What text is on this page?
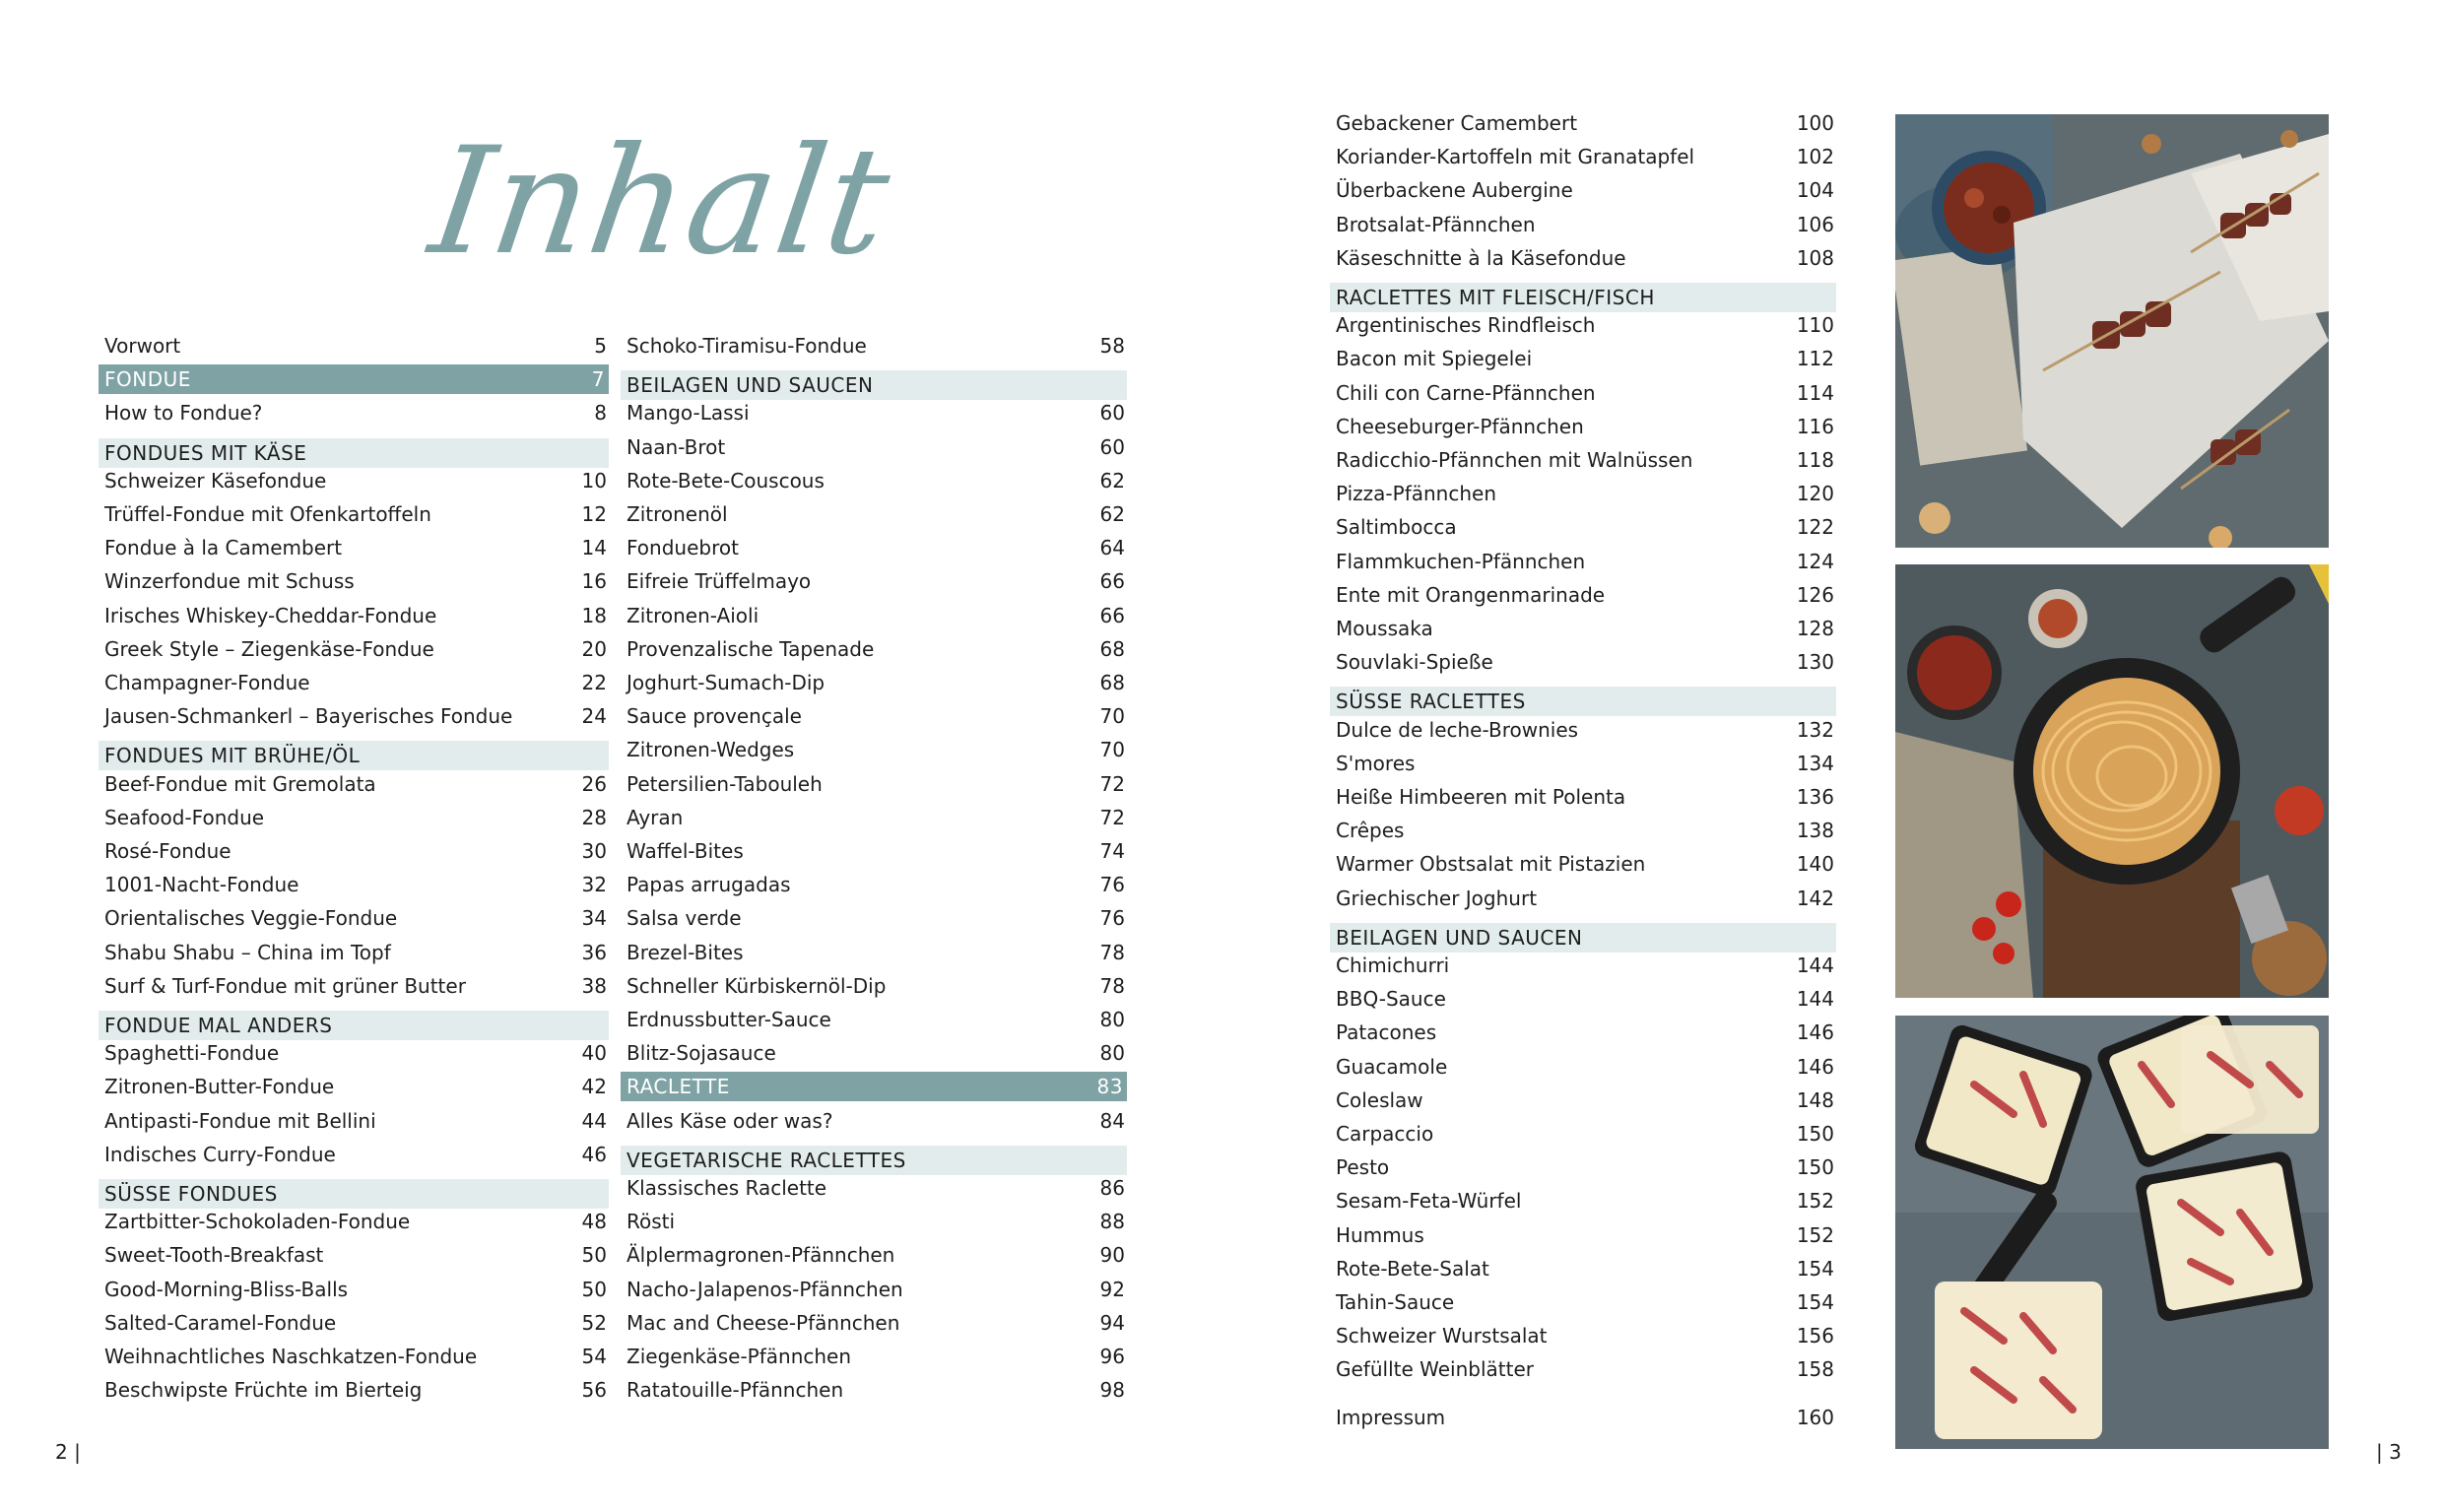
Inhalt
Vorwort	5
FONDUE	7
How to Fondue?	8
FONDUES MIT KÄSE
Schweizer Käsefondue	10
Trüffel-Fondue mit Ofenkartoffeln	12
Fondue à la Camembert	14
Winzerfondue mit Schuss	16
Irisches Whiskey-Cheddar-Fondue	18
Greek Style – Ziegenkäse-Fondue	20
Champagner-Fondue	22
Jausen-Schmankerl – Bayerisches Fondue	24
FONDUES MIT BRÜHE/ÖL
Beef-Fondue mit Gremolata	26
Seafood-Fondue	28
Rosé-Fondue	30
1001-Nacht-Fondue	32
Orientalisches Veggie-Fondue	34
Shabu Shabu – China im Topf	36
Surf & Turf-Fondue mit grüner Butter	38
FONDUE MAL ANDERS
Spaghetti-Fondue	40
Zitronen-Butter-Fondue	42
Antipasti-Fondue mit Bellini	44
Indisches Curry-Fondue	46
SÜSSE FONDUES
Zartbitter-Schokoladen-Fondue	48
Sweet-Tooth-Breakfast	50
Good-Morning-Bliss-Balls	50
Salted-Caramel-Fondue	52
Weihnachtliches Naschkatzen-Fondue	54
Beschwipste Früchte im Bierteig	56
Schoko-Tiramisu-Fondue	58
BEILAGEN UND SAUCEN
Mango-Lassi	60
Naan-Brot	60
Rote-Bete-Couscous	62
Zitronenöl	62
Fonduebrot	64
Eifreie Trüffelmayo	66
Zitronen-Aioli	66
Provenzalische Tapenade	68
Joghurt-Sumach-Dip	68
Sauce provençale	70
Zitronen-Wedges	70
Petersilien-Tabouleh	72
Ayran	72
Waffel-Bites	74
Papas arrugadas	76
Salsa verde	76
Brezel-Bites	78
Schneller Kürbiskernöl-Dip	78
Erdnussbutter-Sauce	80
Blitz-Sojasauce	80
RACLETTE	83
Alles Käse oder was?	84
VEGETARISCHE RACLETTES
Klassisches Raclette	86
Rösti	88
Älplermagronen-Pfännchen	90
Nacho-Jalapenos-Pfännchen	92
Mac and Cheese-Pfännchen	94
Ziegenkäse-Pfännchen	96
Ratatouille-Pfännchen	98
2 |
Gebackener Camembert	100
Koriander-Kartoffeln mit Granatapfel	102
Überbackene Aubergine	104
Brotsalat-Pfännchen	106
Käseschnitte à la Käsefondue	108
RACLETTES MIT FLEISCH/FISCH
Argentinisches Rindfleisch	110
Bacon mit Spiegelei	112
Chili con Carne-Pfännchen	114
Cheeseburger-Pfännchen	116
Radicchio-Pfännchen mit Walnüssen	118
Pizza-Pfännchen	120
Saltimbocca	122
Flammkuchen-Pfännchen	124
Ente mit Orangenmarinade	126
Moussaka	128
Souvlaki-Spieße	130
SÜSSE RACLETTES
Dulce de leche-Brownies	132
S'mores	134
Heiße Himbeeren mit Polenta	136
Crêpes	138
Warmer Obstsalat mit Pistazien	140
Griechischer Joghurt	142
BEILAGEN UND SAUCEN
Chimichurri	144
BBQ-Sauce	144
Patacones	146
Guacamole	146
Coleslaw	148
Carpaccio	150
Pesto	150
Sesam-Feta-Würfel	152
Hummus	152
Rote-Bete-Salat	154
Tahin-Sauce	154
Schweizer Wurstsalat	156
Gefüllte Weinblätter	158
Impressum	160
| 3
